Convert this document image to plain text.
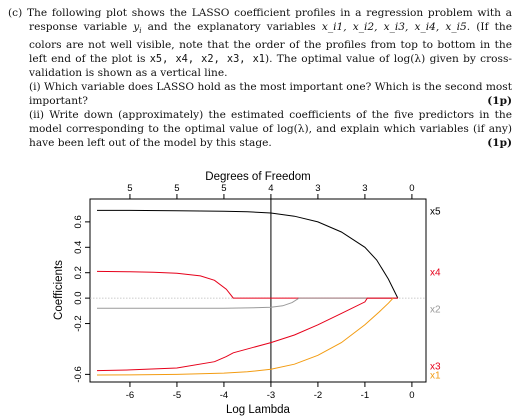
(c) The following plot shows the LASSO coefficient profiles in a regression problem with a response variable $y_i$ and the explanatory variables x_i1, x_i2, x_i3, x_i4, x_i5. (If the colors are not well visible, note that the order of the profiles from top to bottom in the left end of the plot is x5, x4, x2, x3, x1). The optimal value of log(λ) given by cross-validation is shown as a vertical line.

(i) Which variable does LASSO hold as the most important one? Which is the second most important?	(1p)

(ii) Write down (approximately) the estimated coefficients of the five predictors in the model corresponding to the optimal value of log(λ), and explain which variables (if any) have been left out of the model by this stage.	(1p)

-0.6
-0.2
0.0
0.2
0.4
0.6
-6	-5	-4	-3	-2	-1	0
5	5	5	4	3	3	0
x5
x4
x2
x3
x1
Degrees of Freedom
Log Lambda
Coefficients
